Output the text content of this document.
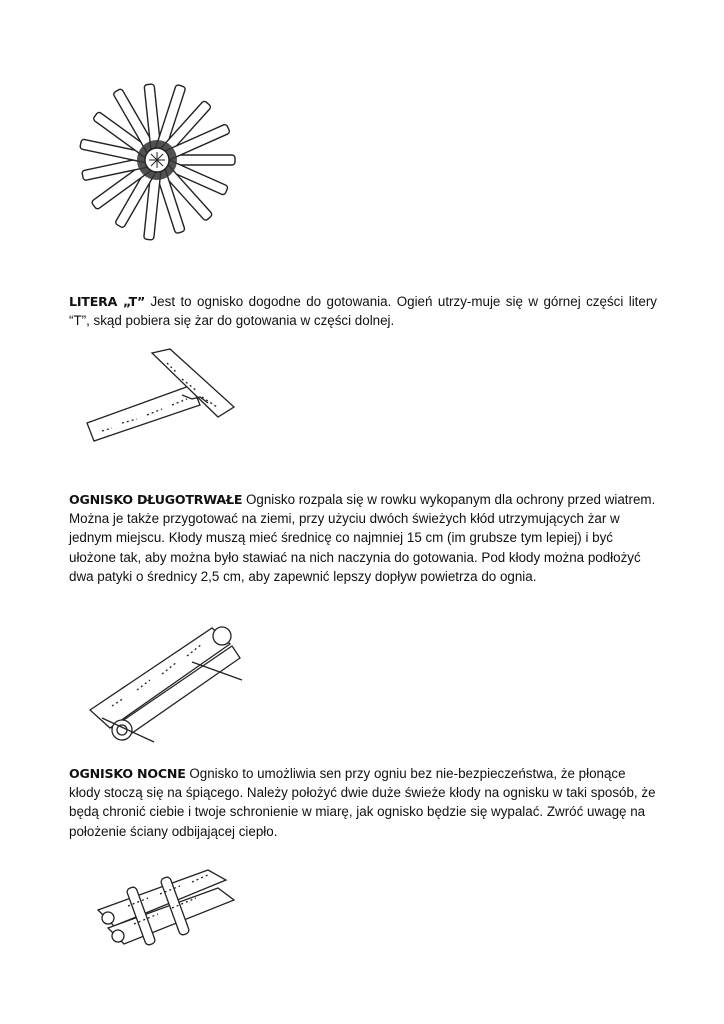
LITERA „T” Jest to ognisko dogodne do gotowania. Ogień utrzy-muje się w górnej części litery “T”, skąd pobiera się żar do gotowania w części dolnej.

OGNISKO DŁUGOTRWAŁE Ognisko rozpala się w rowku wykopanym dla ochrony przed wiatrem. Można je także przygotować na ziemi, przy użyciu dwóch świeżych kłód utrzymujących żar w jednym miejscu. Kłody muszą mieć średnicę co najmniej 15 cm (im grubsze tym lepiej) i być ułożone tak, aby można było stawiać na nich naczynia do gotowania. Pod kłody można podłożyć dwa patyki o średnicy 2,5 cm, aby zapewnić lepszy dopływ powietrza do ognia.

OGNISKO NOCNE Ognisko to umożliwia sen przy ogniu bez nie-bezpieczeństwa, że płonące kłody stoczą się na śpiącego. Należy położyć dwie duże świeże kłody na ognisku w taki sposób, że będą chronić ciebie i twoje schronienie w miarę, jak ognisko będzie się wypalać. Zwróć uwagę na położenie ściany odbijającej ciepło.
